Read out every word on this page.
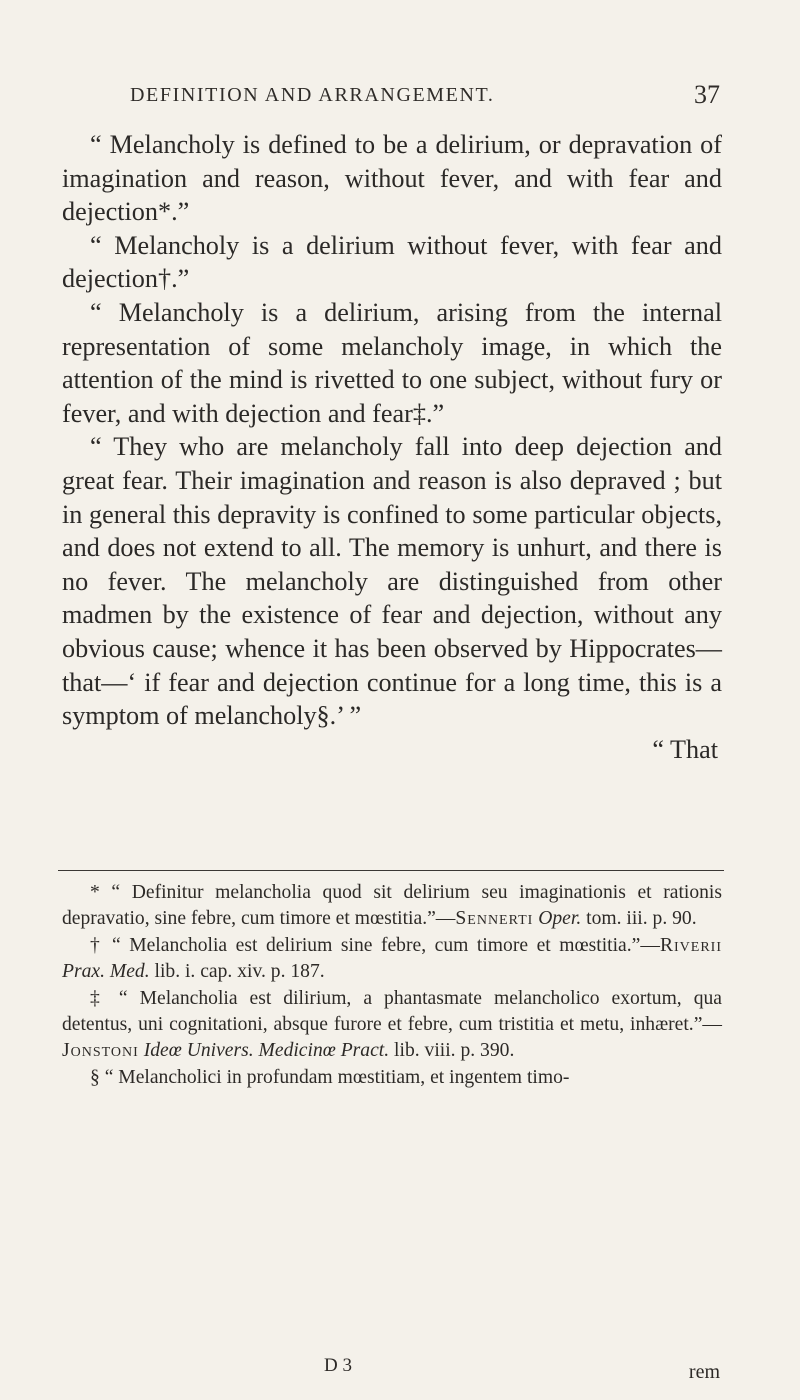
DEFINITION AND ARRANGEMENT.	37

“ Melancholy is defined to be a delirium, or depravation of imagination and reason, without fever, and with fear and dejection*.”

“ Melancholy is a delirium without fever, with fear and dejection†.”

“ Melancholy is a delirium, arising from the internal representation of some melancholy image, in which the attention of the mind is rivetted to one subject, without fury or fever, and with dejection and fear‡.”

“ They who are melancholy fall into deep dejection and great fear. Their imagination and reason is also depraved ; but in general this depravity is confined to some particular objects, and does not extend to all. The memory is unhurt, and there is no fever. The melancholy are distinguished from other madmen by the existence of fear and dejection, without any obvious cause; whence it has been observed by Hippocrates— that—‘ if fear and dejection continue for a long time, this is a symptom of melancholy§.’ ”

“ That

* “ Definitur melancholia quod sit delirium seu imaginationis et rationis depravatio, sine febre, cum timore et mœstitia.”—Sennerti Oper. tom. iii. p. 90.

† “ Melancholia est delirium sine febre, cum timore et mœstitia.”—Riverii Prax. Med. lib. i. cap. xiv. p. 187.

‡ “ Melancholia est dilirium, a phantasmate melancholico exortum, qua detentus, uni cognitationi, absque furore et febre, cum tristitia et metu, inhæret.”—Jonstoni Ideœ Univers. Medicinœ Pract. lib. viii. p. 390.

§ “ Melancholici in profundam mœstitiam, et ingentem timo-

D 3	rem
